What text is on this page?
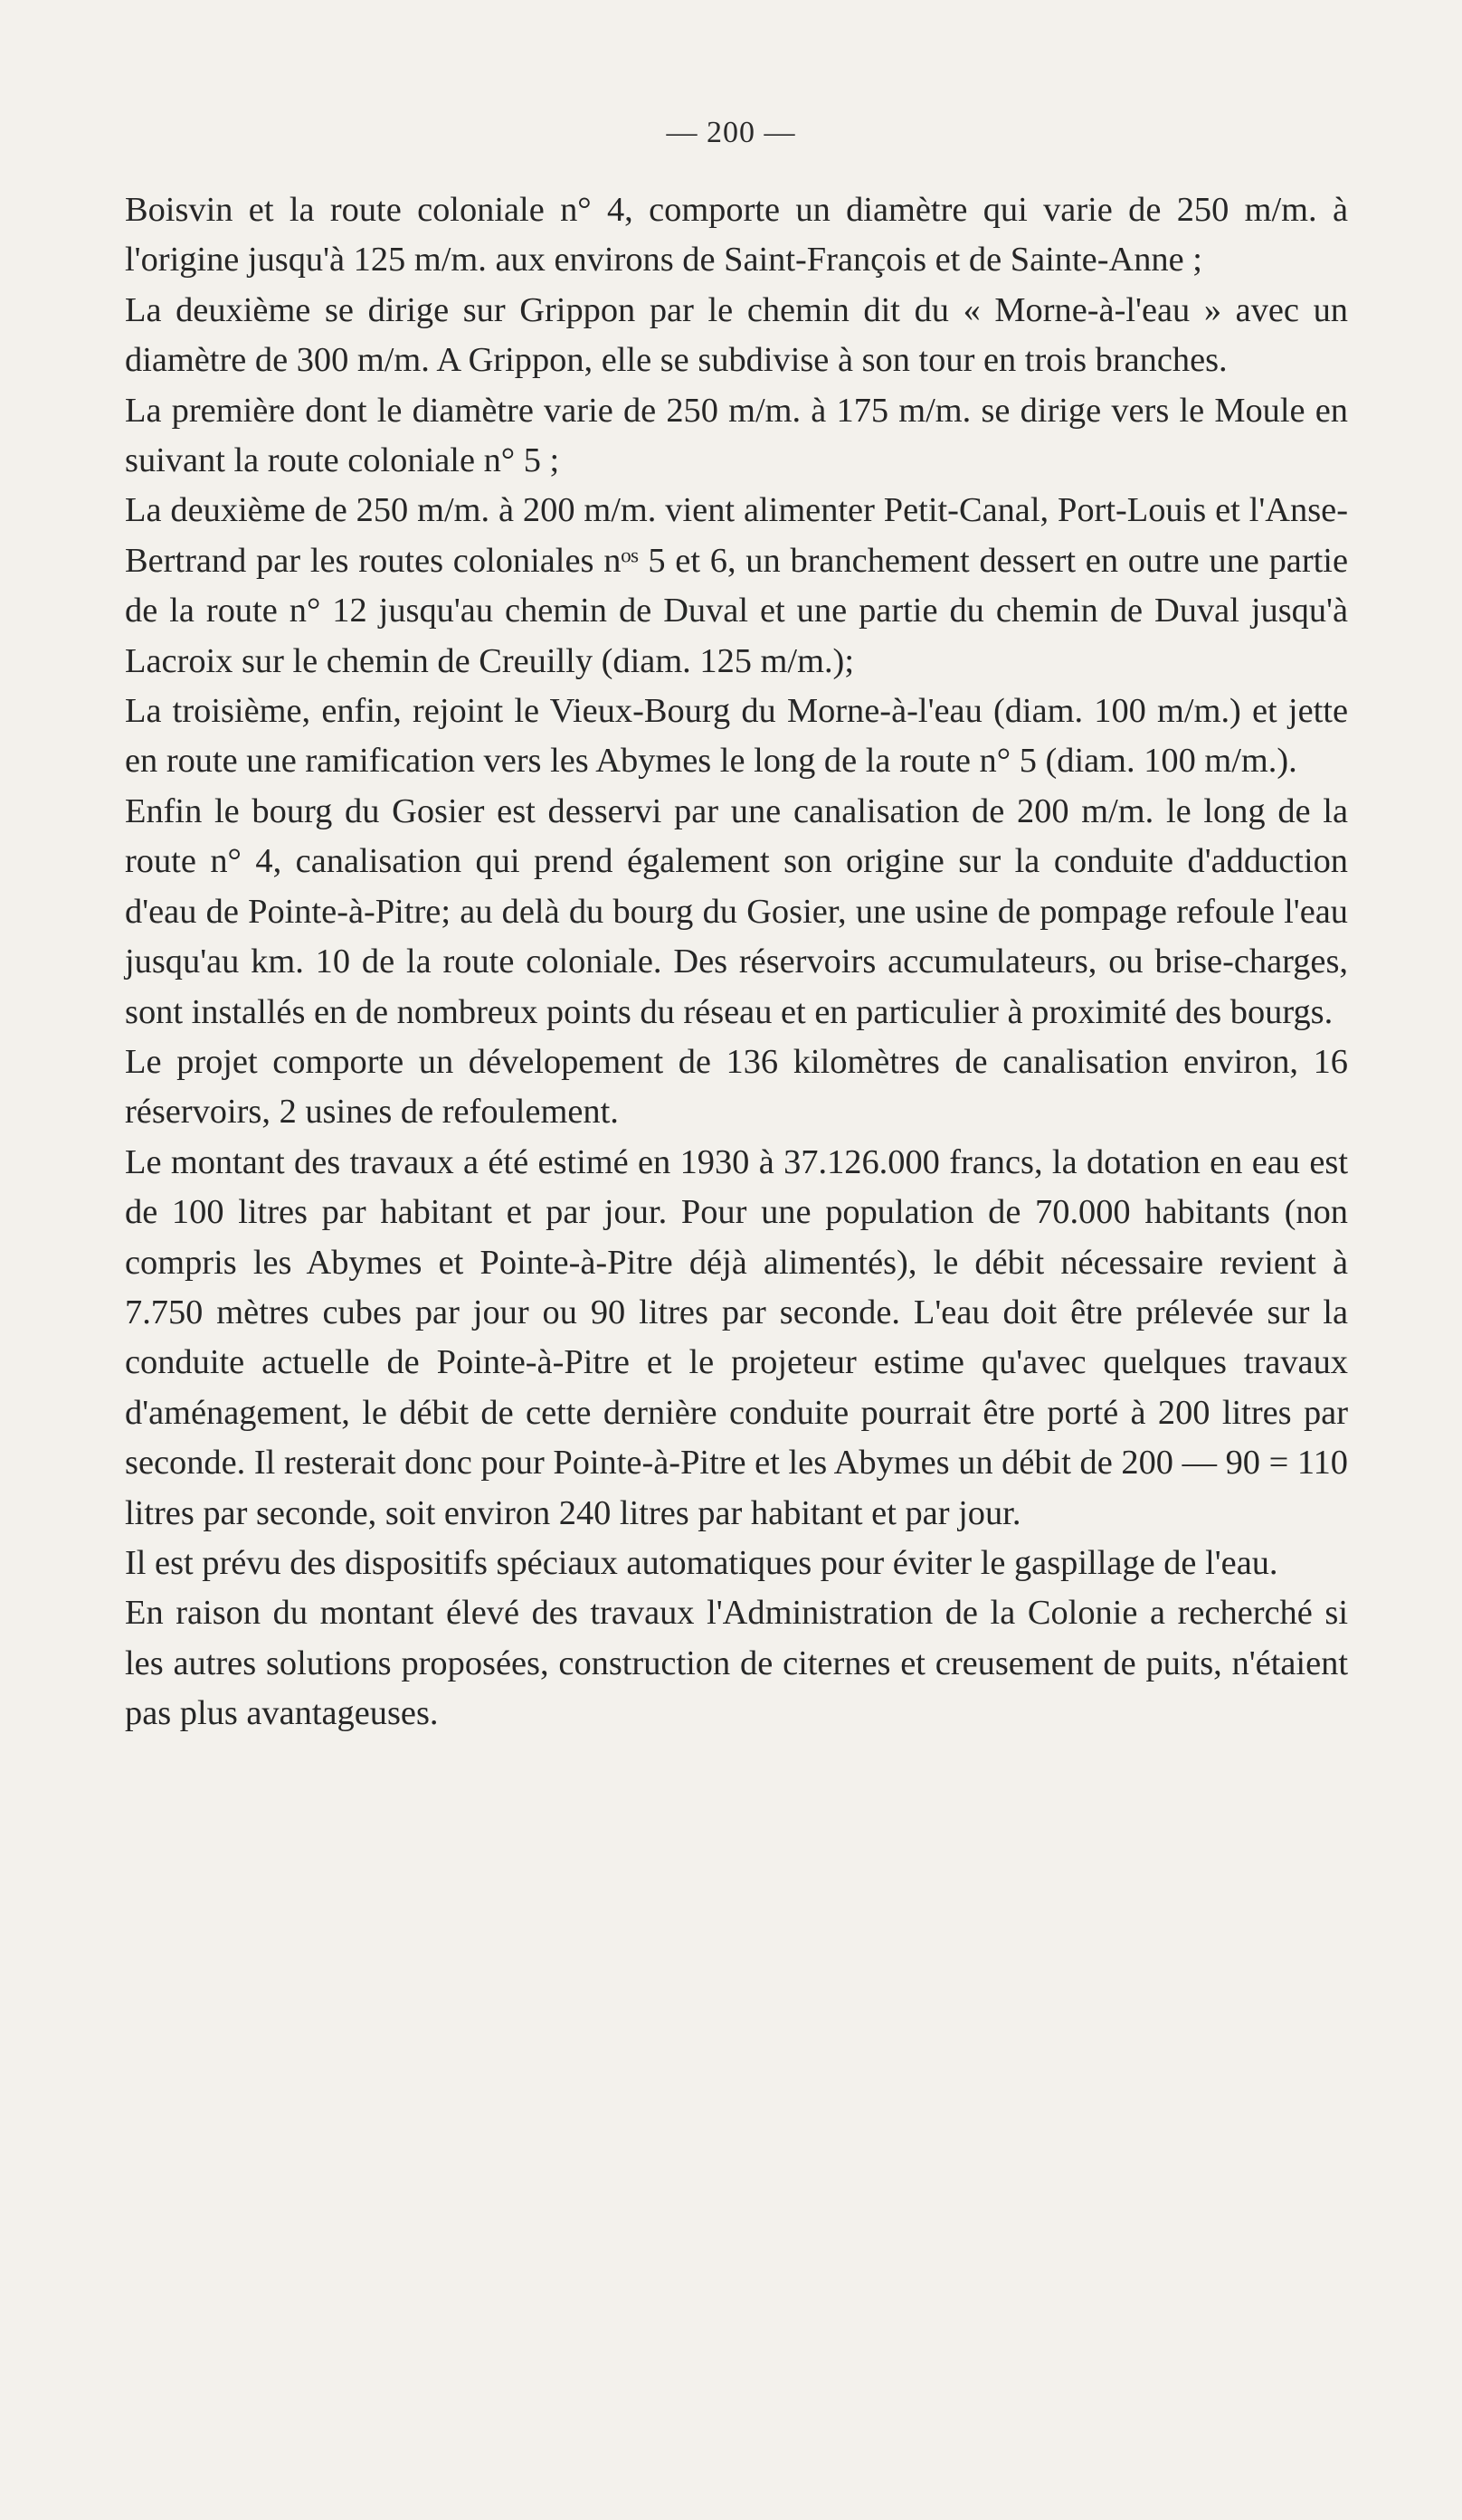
— 200 —

Boisvin et la route coloniale n° 4, comporte un diamètre qui varie de 250 m/m. à l'origine jusqu'à 125 m/m. aux environs de Saint-François et de Sainte-Anne ;

La deuxième se dirige sur Grippon par le chemin dit du « Morne-à-l'eau » avec un diamètre de 300 m/m. A Grippon, elle se subdivise à son tour en trois branches.

La première dont le diamètre varie de 250 m/m. à 175 m/m. se dirige vers le Moule en suivant la route coloniale n° 5 ;

La deuxième de 250 m/m. à 200 m/m. vient alimenter Petit-Canal, Port-Louis et l'Anse-Bertrand par les routes coloniales nᵒˢ 5 et 6, un branchement dessert en outre une partie de la route n° 12 jusqu'au chemin de Duval et une partie du chemin de Duval jusqu'à Lacroix sur le chemin de Creuilly (diam. 125 m/m.);

La troisième, enfin, rejoint le Vieux-Bourg du Morne-à-l'eau (diam. 100 m/m.) et jette en route une ramification vers les Abymes le long de la route n° 5 (diam. 100 m/m.).

Enfin le bourg du Gosier est desservi par une canalisation de 200 m/m. le long de la route n° 4, canalisation qui prend également son origine sur la conduite d'adduction d'eau de Pointe-à-Pitre; au delà du bourg du Gosier, une usine de pompage refoule l'eau jusqu'au km. 10 de la route coloniale. Des réservoirs accumulateurs, ou brise-charges, sont installés en de nombreux points du réseau et en particulier à proximité des bourgs.

Le projet comporte un dévelopement de 136 kilomètres de canalisation environ, 16 réservoirs, 2 usines de refoulement.

Le montant des travaux a été estimé en 1930 à 37.126.000 francs, la dotation en eau est de 100 litres par habitant et par jour. Pour une population de 70.000 habitants (non compris les Abymes et Pointe-à-Pitre déjà alimentés), le débit nécessaire revient à 7.750 mètres cubes par jour ou 90 litres par seconde. L'eau doit être prélevée sur la conduite actuelle de Pointe-à-Pitre et le projeteur estime qu'avec quelques travaux d'aménagement, le débit de cette dernière conduite pourrait être porté à 200 litres par seconde. Il resterait donc pour Pointe-à-Pitre et les Abymes un débit de 200 — 90 = 110 litres par seconde, soit environ 240 litres par habitant et par jour.

Il est prévu des dispositifs spéciaux automatiques pour éviter le gaspillage de l'eau.

En raison du montant élevé des travaux l'Administration de la Colonie a recherché si les autres solutions proposées, construction de citernes et creusement de puits, n'étaient pas plus avantageuses.
